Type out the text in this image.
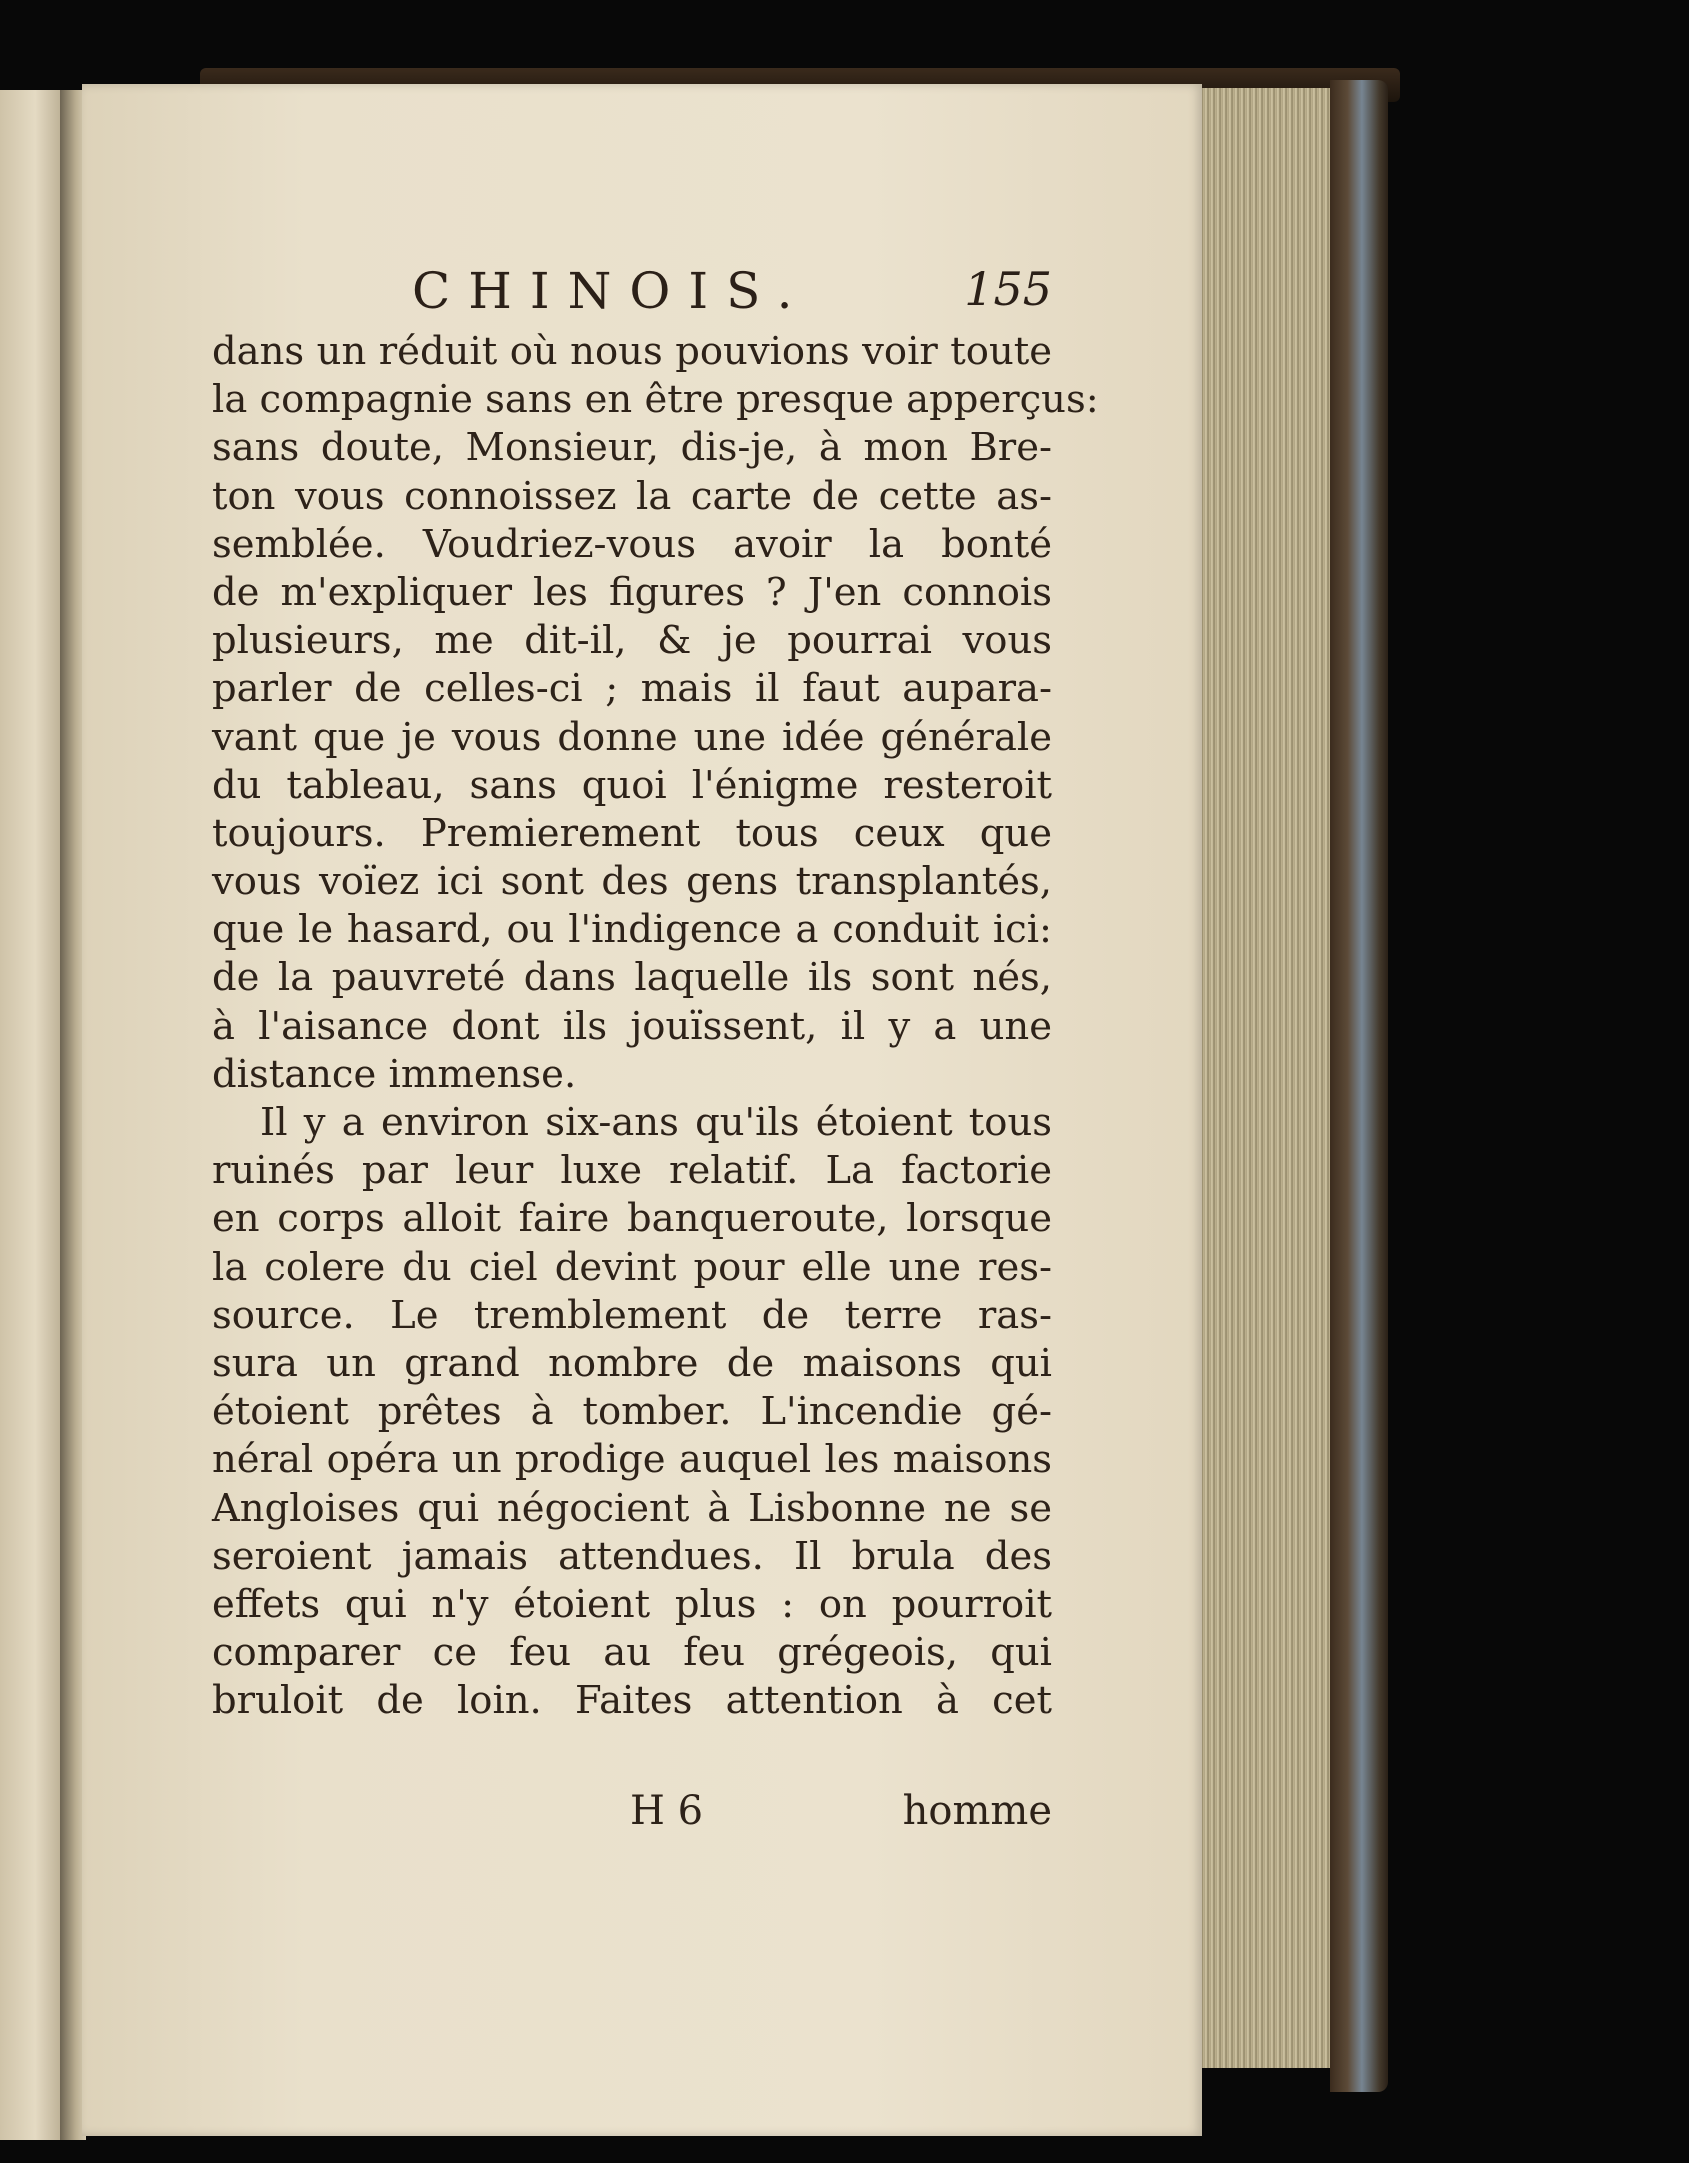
CHINOIS.	155
dans un réduit où nous pouvions voir toute
la compagnie sans en être presque apperçus:
sans doute, Monsieur, dis-je, à mon Bre-
ton vous connoissez la carte de cette as-
semblée. Voudriez-vous avoir la bonté
de m'expliquer les figures ? J'en connois
plusieurs, me dit-il, & je pourrai vous
parler de celles-ci ; mais il faut aupara-
vant que je vous donne une idée générale
du tableau, sans quoi l'énigme resteroit
toujours. Premierement tous ceux que
vous voïez ici sont des gens transplantés,
que le hasard, ou l'indigence a conduit ici:
de la pauvreté dans laquelle ils sont nés,
à l'aisance dont ils jouïssent, il y a une
distance immense.
Il y a environ six-ans qu'ils étoient tous
ruinés par leur luxe relatif. La factorie
en corps alloit faire banqueroute, lorsque
la colere du ciel devint pour elle une res-
source. Le tremblement de terre ras-
sura un grand nombre de maisons qui
étoient prêtes à tomber. L'incendie gé-
néral opéra un prodige auquel les maisons
Angloises qui négocient à Lisbonne ne se
seroient jamais attendues. Il brula des
effets qui n'y étoient plus : on pourroit
comparer ce feu au feu grégeois, qui
bruloit de loin. Faites attention à cet
H 6	homme
